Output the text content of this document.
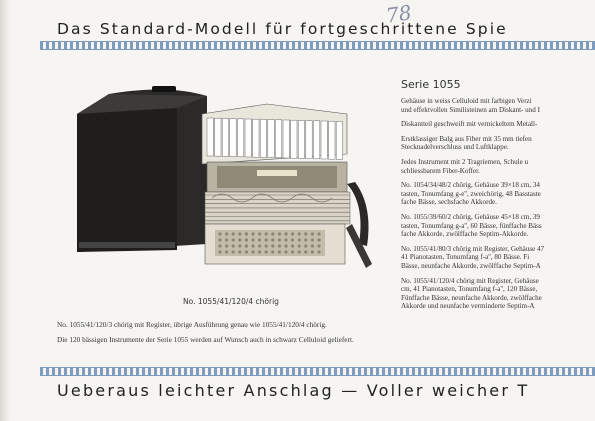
78
Das Standard-Modell für fortgeschrittene Spie
No. 1055/41/120/4 chörig
Serie 1055

Gehäuse in weiss Celluloid mit farbigen Verzi
und effektvollen Similisteinen am Diskant- und I

Diskantteil geschweift mit vernickeltem Metall-

Erstklassiger Balg aus Fiber mit 35 mm tiefen
Stecknadelverschluss und Luftklappe.

Jedes Instrument mit 2 Tragriemen, Schule u
schliessbarem Fiber-Koffer.

No. 1054/34/48/2 chörig, Gehäuse 39×18 cm, 34
tasten, Tonumfang g-e'', zweichörig, 48 Basstaste
fache Bässe, sechsfache Akkorde.

No. 1055/39/60/2 chörig, Gehäuse 45×18 cm, 39
tasten, Tonumfang g-a'', 60 Bässe, fünffache Bäss
fache Akkorde, zwölffache Septim-Akkorde.

No. 1055/41/80/3 chörig mit Register, Gehäuse 47
41 Pianotasten, Tonumfang f-a'', 80 Bässe. Fi
Bässe, neunfache Akkorde, zwölffache Septim-A

No. 1055/41/120/4 chörig mit Register, Gehäuse
cm, 41 Pianotasten, Tonumfang f-a'', 120 Bässe,
Fünffache Bässe, neunfache Akkorde, zwölffache
Akkorde und neunfache verminderte Septim-A

No. 1055/41/120/3 chörig mit Register, übrige Ausführung genau wie 1055/41/120/4 chörig.
Die 120 bässigen Instrumente der Serie 1055 werden auf Wunsch auch in schwarz Celluloid geliefert.
Ueberaus leichter Anschlag — Voller weicher T
